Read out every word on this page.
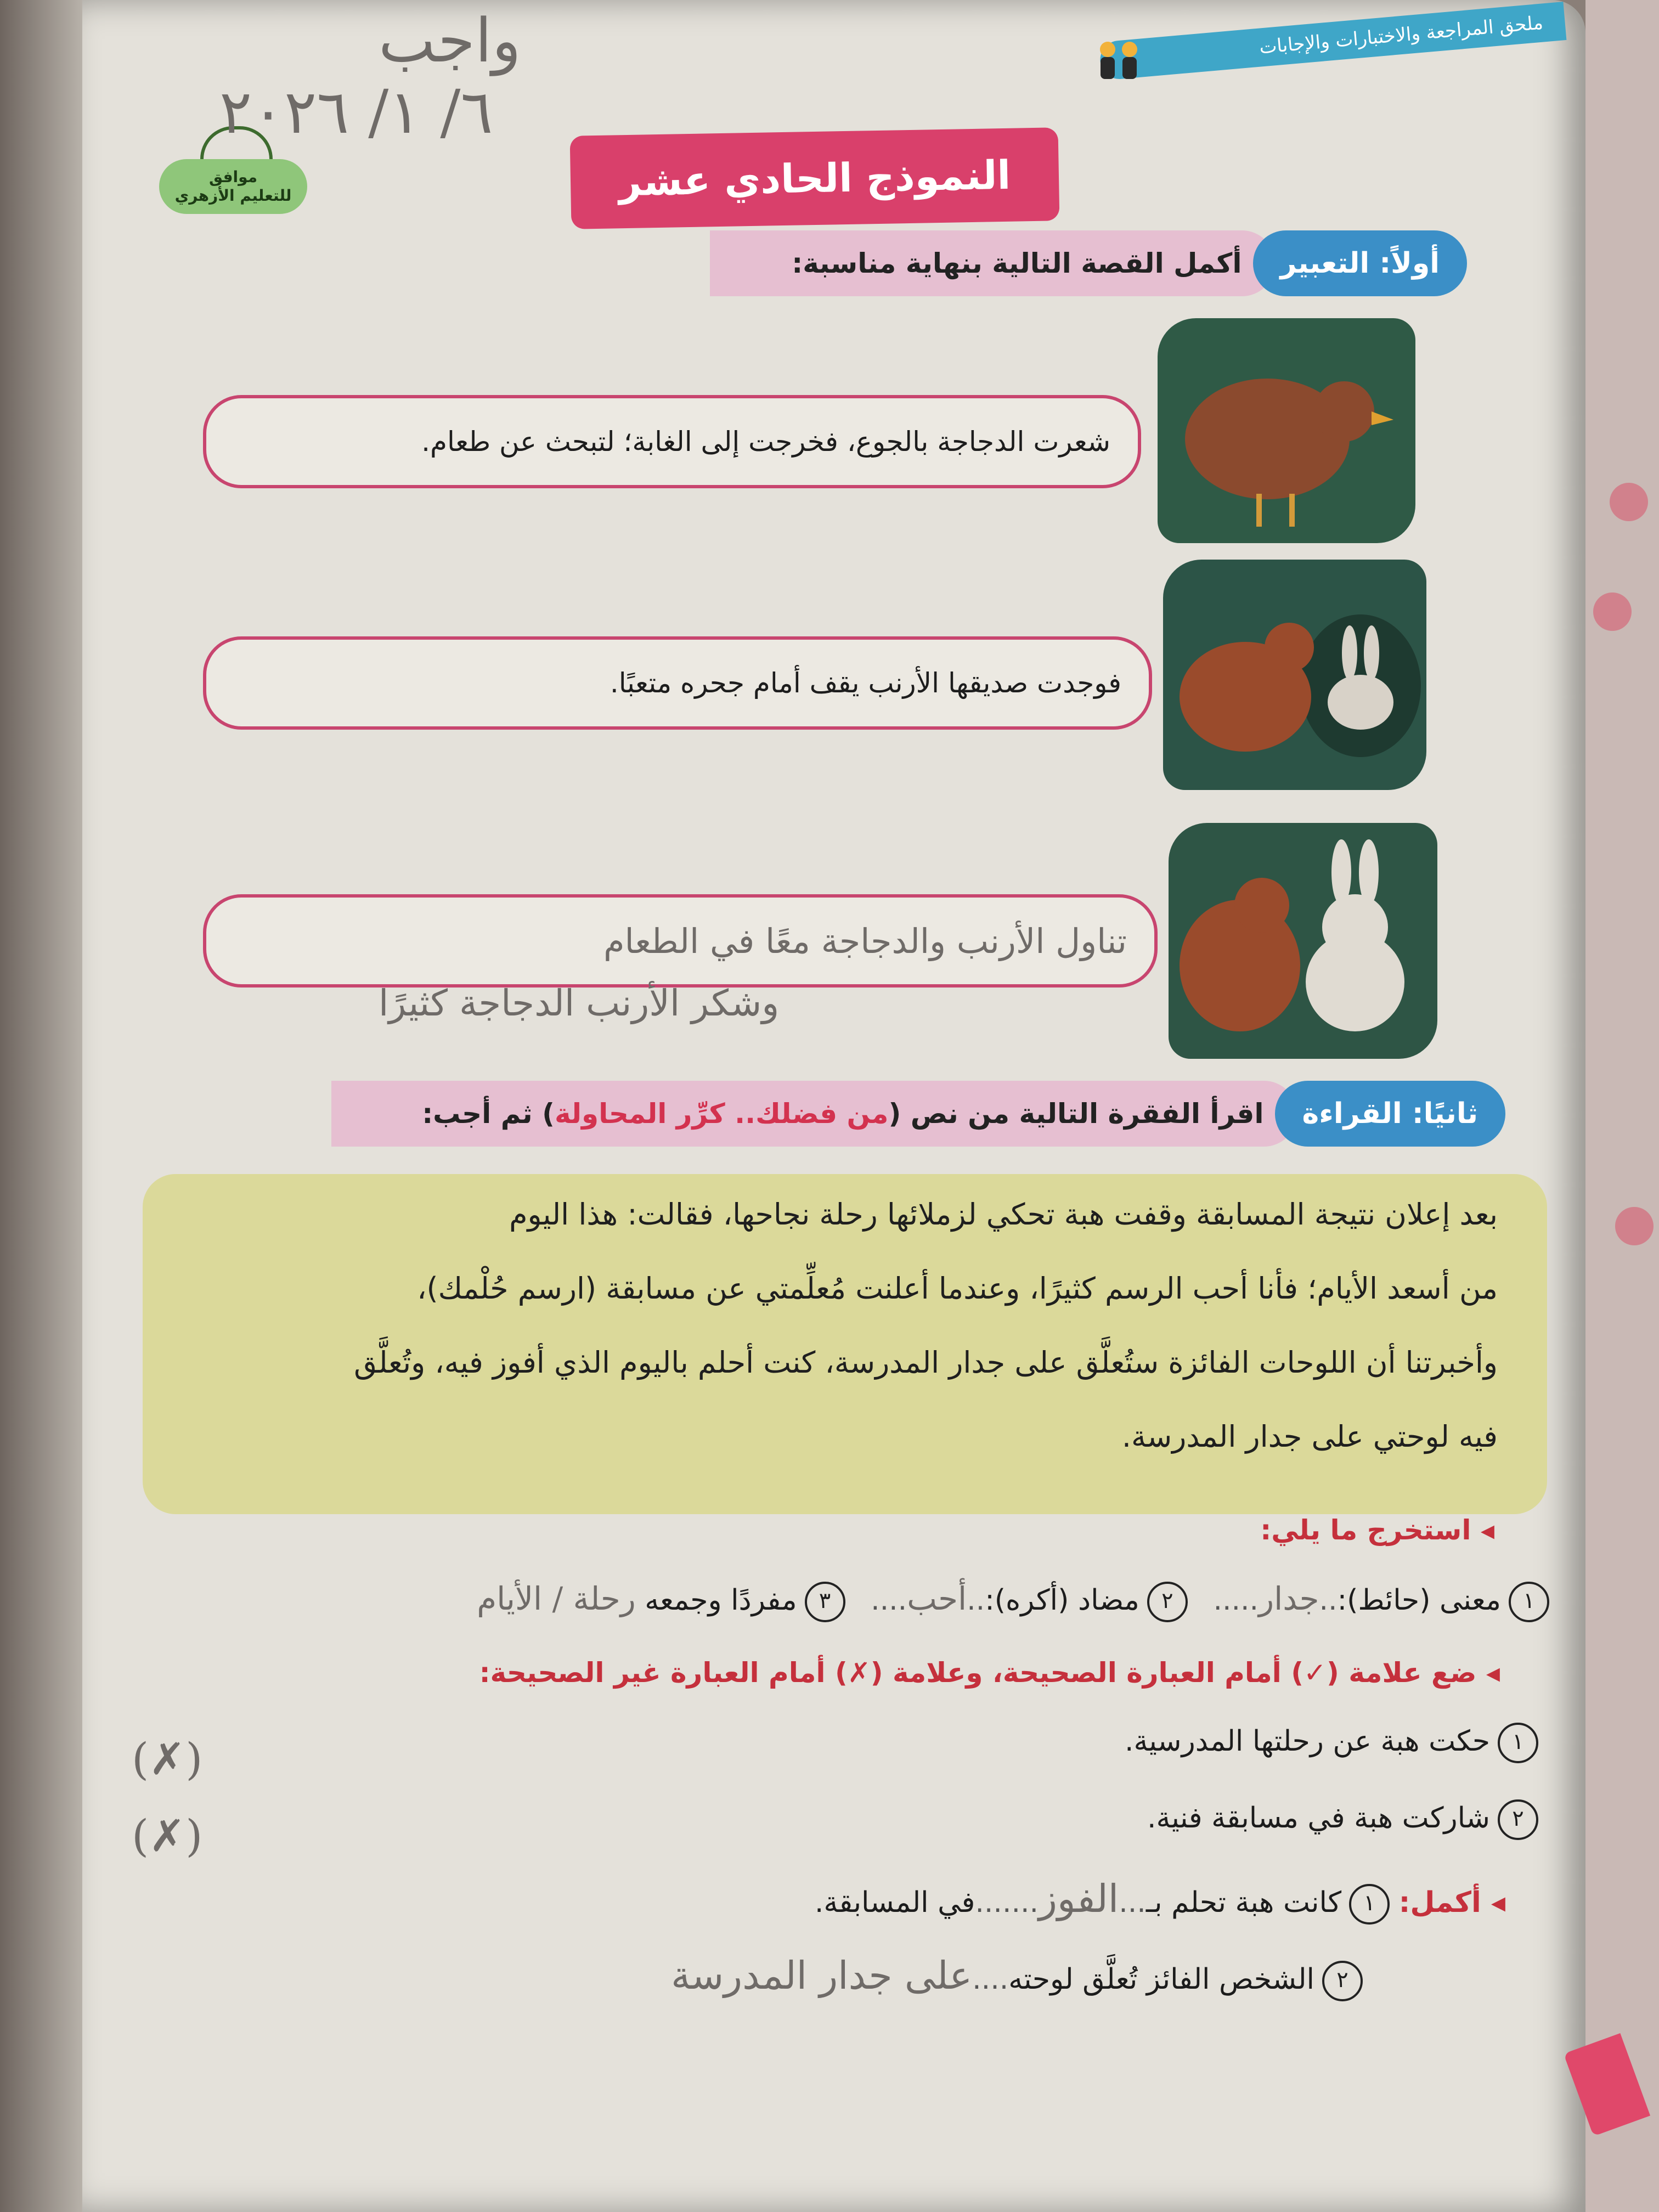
ملحق المراجعة والاختبارات والإجابات
موافق
للتعليم الأزهري
واجب
٦/ ١/ ٢٠٢٦
النموذج الحادي عشر
أولاً: التعبير
أكمل القصة التالية بنهاية مناسبة:
شعرت الدجاجة بالجوع، فخرجت إلى الغابة؛ لتبحث عن طعام.
فوجدت صديقها الأرنب يقف أمام جحره متعبًا.
تناول الأرنب والدجاجة معًا في الطعام
وشكر الأرنب الدجاجة كثيرًا
ثانيًا: القراءة
اقرأ الفقرة التالية من نص (
من فضلك.. كرِّر المحاولة
) ثم أجب:

بعد إعلان نتيجة المسابقة وقفت هبة تحكي لزملائها رحلة نجاحها، فقالت: هذا اليوم

من أسعد الأيام؛ فأنا أحب الرسم كثيرًا، وعندما أعلنت مُعلِّمتي عن مسابقة (ارسم حُلْمك)،

وأخبرتنا أن اللوحات الفائزة ستُعلَّق على جدار المدرسة، كنت أحلم باليوم الذي أفوز فيه، وتُعلَّق

فيه لوحتي على جدار المدرسة.

◂ استخرج ما يلي:
١معنى (حائط):..جدار..... ٢مضاد (أكره):..أحب.... ٣مفردًا وجمعه رحلة / الأيام
◂ ضع علامة (✓) أمام العبارة الصحيحة، وعلامة (✗) أمام العبارة غير الصحيحة:
١حكت هبة عن رحلتها المدرسية.
٢شاركت هبة في مسابقة فنية.
(✗)
(✗)
◂ أكمل: ١كانت هبة تحلم بـ...الفوز.......في المسابقة.
٢الشخص الفائز تُعلَّق لوحته....على جدار المدرسة
